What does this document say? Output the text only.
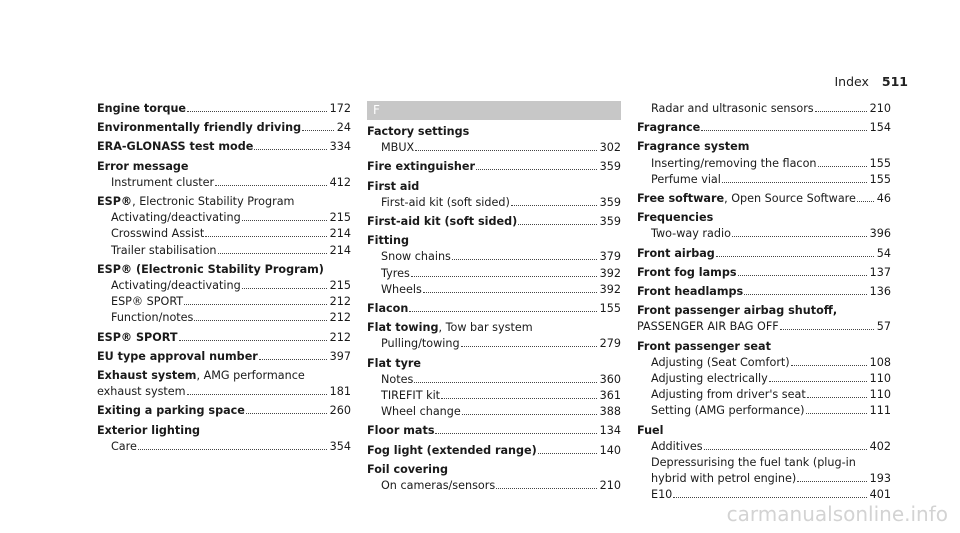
Index 511
Engine torque	172
Environmentally friendly driving	24
ERA-GLONASS test mode	334
Error message
Instrument cluster	412
ESP®, Electronic Stability Program
Activating/deactivating	215
Crosswind Assist	214
Trailer stabilisation	214
ESP® (Electronic Stability Program)
Activating/deactivating	215
ESP® SPORT	212
Function/notes	212
ESP® SPORT	212
EU type approval number	397
Exhaust system, AMG performance
exhaust system	181
Exiting a parking space	260
Exterior lighting
Care	354
F
Factory settings
MBUX	302
Fire extinguisher	359
First aid
First-aid kit (soft sided)	359
First-aid kit (soft sided)	359
Fitting
Snow chains	379
Tyres	392
Wheels	392
Flacon	155
Flat towing, Tow bar system
Pulling/towing	279
Flat tyre
Notes	360
TIREFIT kit	361
Wheel change	388
Floor mats	134
Fog light (extended range)	140
Foil covering
On cameras/sensors	210
Radar and ultrasonic sensors	210
Fragrance	154
Fragrance system
Inserting/removing the flacon	155
Perfume vial	155
Free software, Open Source Software 46
Frequencies
Two-way radio	396
Front airbag	54
Front fog lamps	137
Front headlamps	136
Front passenger airbag shutoff,
PASSENGER AIR BAG OFF	57
Front passenger seat
Adjusting (Seat Comfort)	108
Adjusting electrically	110
Adjusting from driver's seat	110
Setting (AMG performance)	111
Fuel
Additives	402
Depressurising the fuel tank (plug-in
hybrid with petrol engine)	193
E10	401
carmanualsonline.info
